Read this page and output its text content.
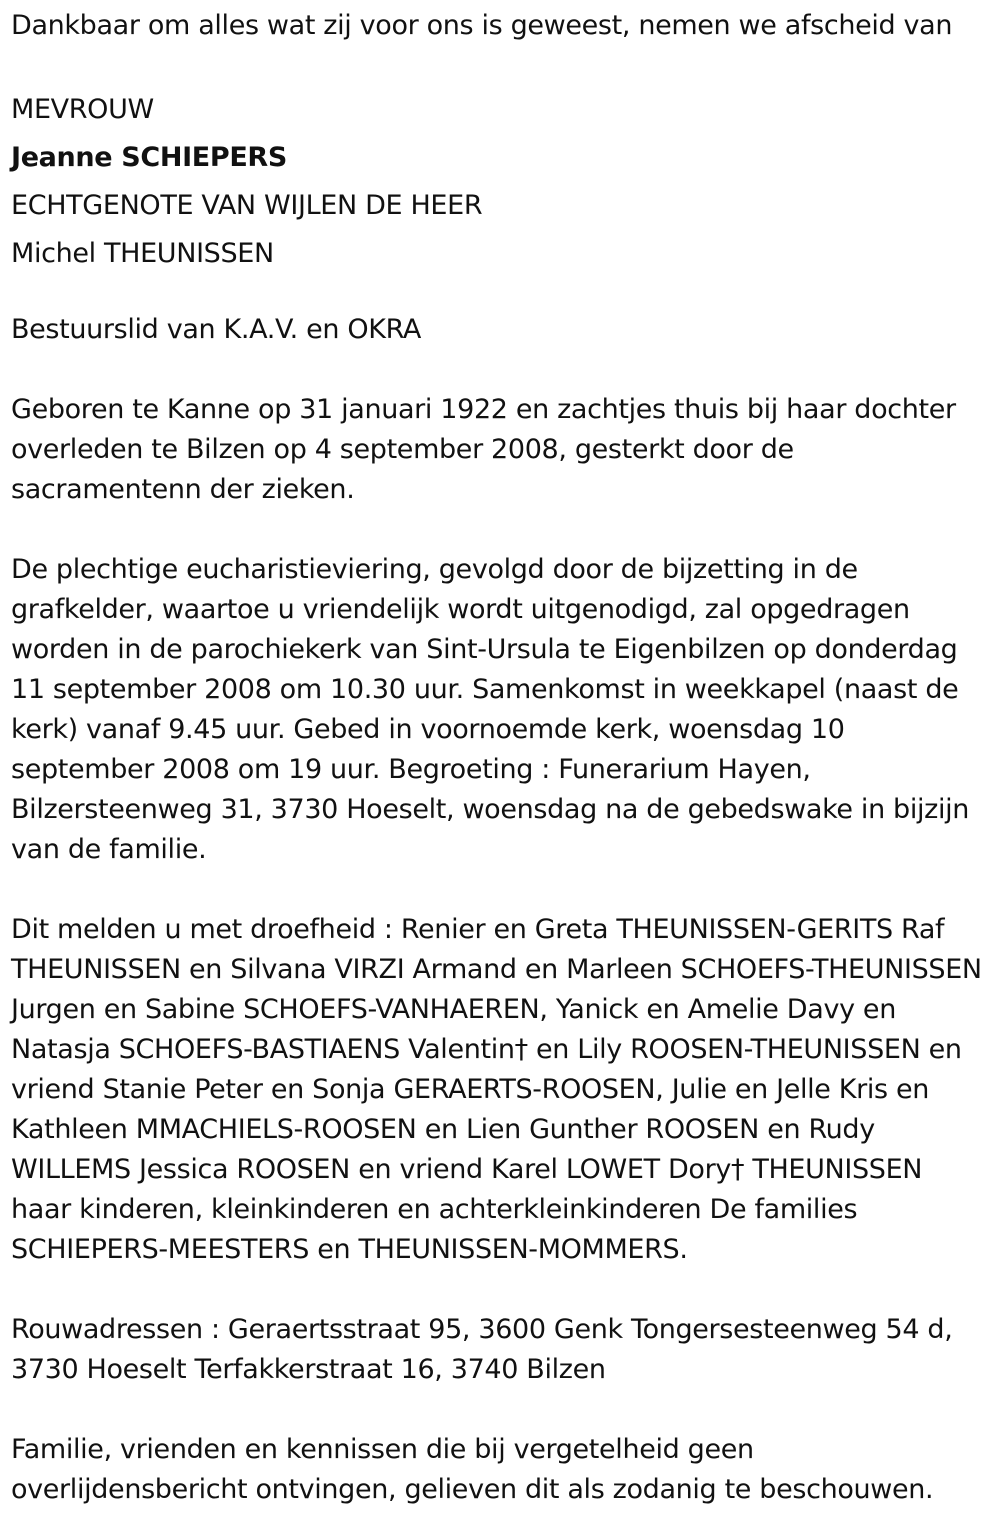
Dankbaar om alles wat zij voor ons is geweest, nemen we afscheid van

MEVROUW

Jeanne SCHIEPERS

ECHTGENOTE VAN WIJLEN DE HEER

Michel THEUNISSEN

Bestuurslid van K.A.V. en OKRA

Geboren te Kanne op 31 januari 1922 en zachtjes thuis bij haar dochter

overleden te Bilzen op 4 september 2008, gesterkt door de

sacramentenn der zieken.

De plechtige eucharistieviering, gevolgd door de bijzetting in de

grafkelder, waartoe u vriendelijk wordt uitgenodigd, zal opgedragen

worden in de parochiekerk van Sint-Ursula te Eigenbilzen op donderdag

11 september 2008 om 10.30 uur. Samenkomst in weekkapel (naast de

kerk) vanaf 9.45 uur. Gebed in voornoemde kerk, woensdag 10

september 2008 om 19 uur. Begroeting : Funerarium Hayen,

Bilzersteenweg 31, 3730 Hoeselt, woensdag na de gebedswake in bijzijn

van de familie.

Dit melden u met droefheid : Renier en Greta THEUNISSEN-GERITS Raf

THEUNISSEN en Silvana VIRZI Armand en Marleen SCHOEFS-THEUNISSEN

Jurgen en Sabine SCHOEFS-VANHAEREN, Yanick en Amelie Davy en

Natasja SCHOEFS-BASTIAENS Valentin† en Lily ROOSEN-THEUNISSEN en

vriend Stanie Peter en Sonja GERAERTS-ROOSEN, Julie en Jelle Kris en

Kathleen MMACHIELS-ROOSEN en Lien Gunther ROOSEN en Rudy

WILLEMS Jessica ROOSEN en vriend Karel LOWET Dory† THEUNISSEN

haar kinderen, kleinkinderen en achterkleinkinderen De families

SCHIEPERS-MEESTERS en THEUNISSEN-MOMMERS.

Rouwadressen : Geraertsstraat 95, 3600 Genk Tongersesteenweg 54 d,

3730 Hoeselt Terfakkerstraat 16, 3740 Bilzen

Familie, vrienden en kennissen die bij vergetelheid geen

overlijdensbericht ontvingen, gelieven dit als zodanig te beschouwen.
